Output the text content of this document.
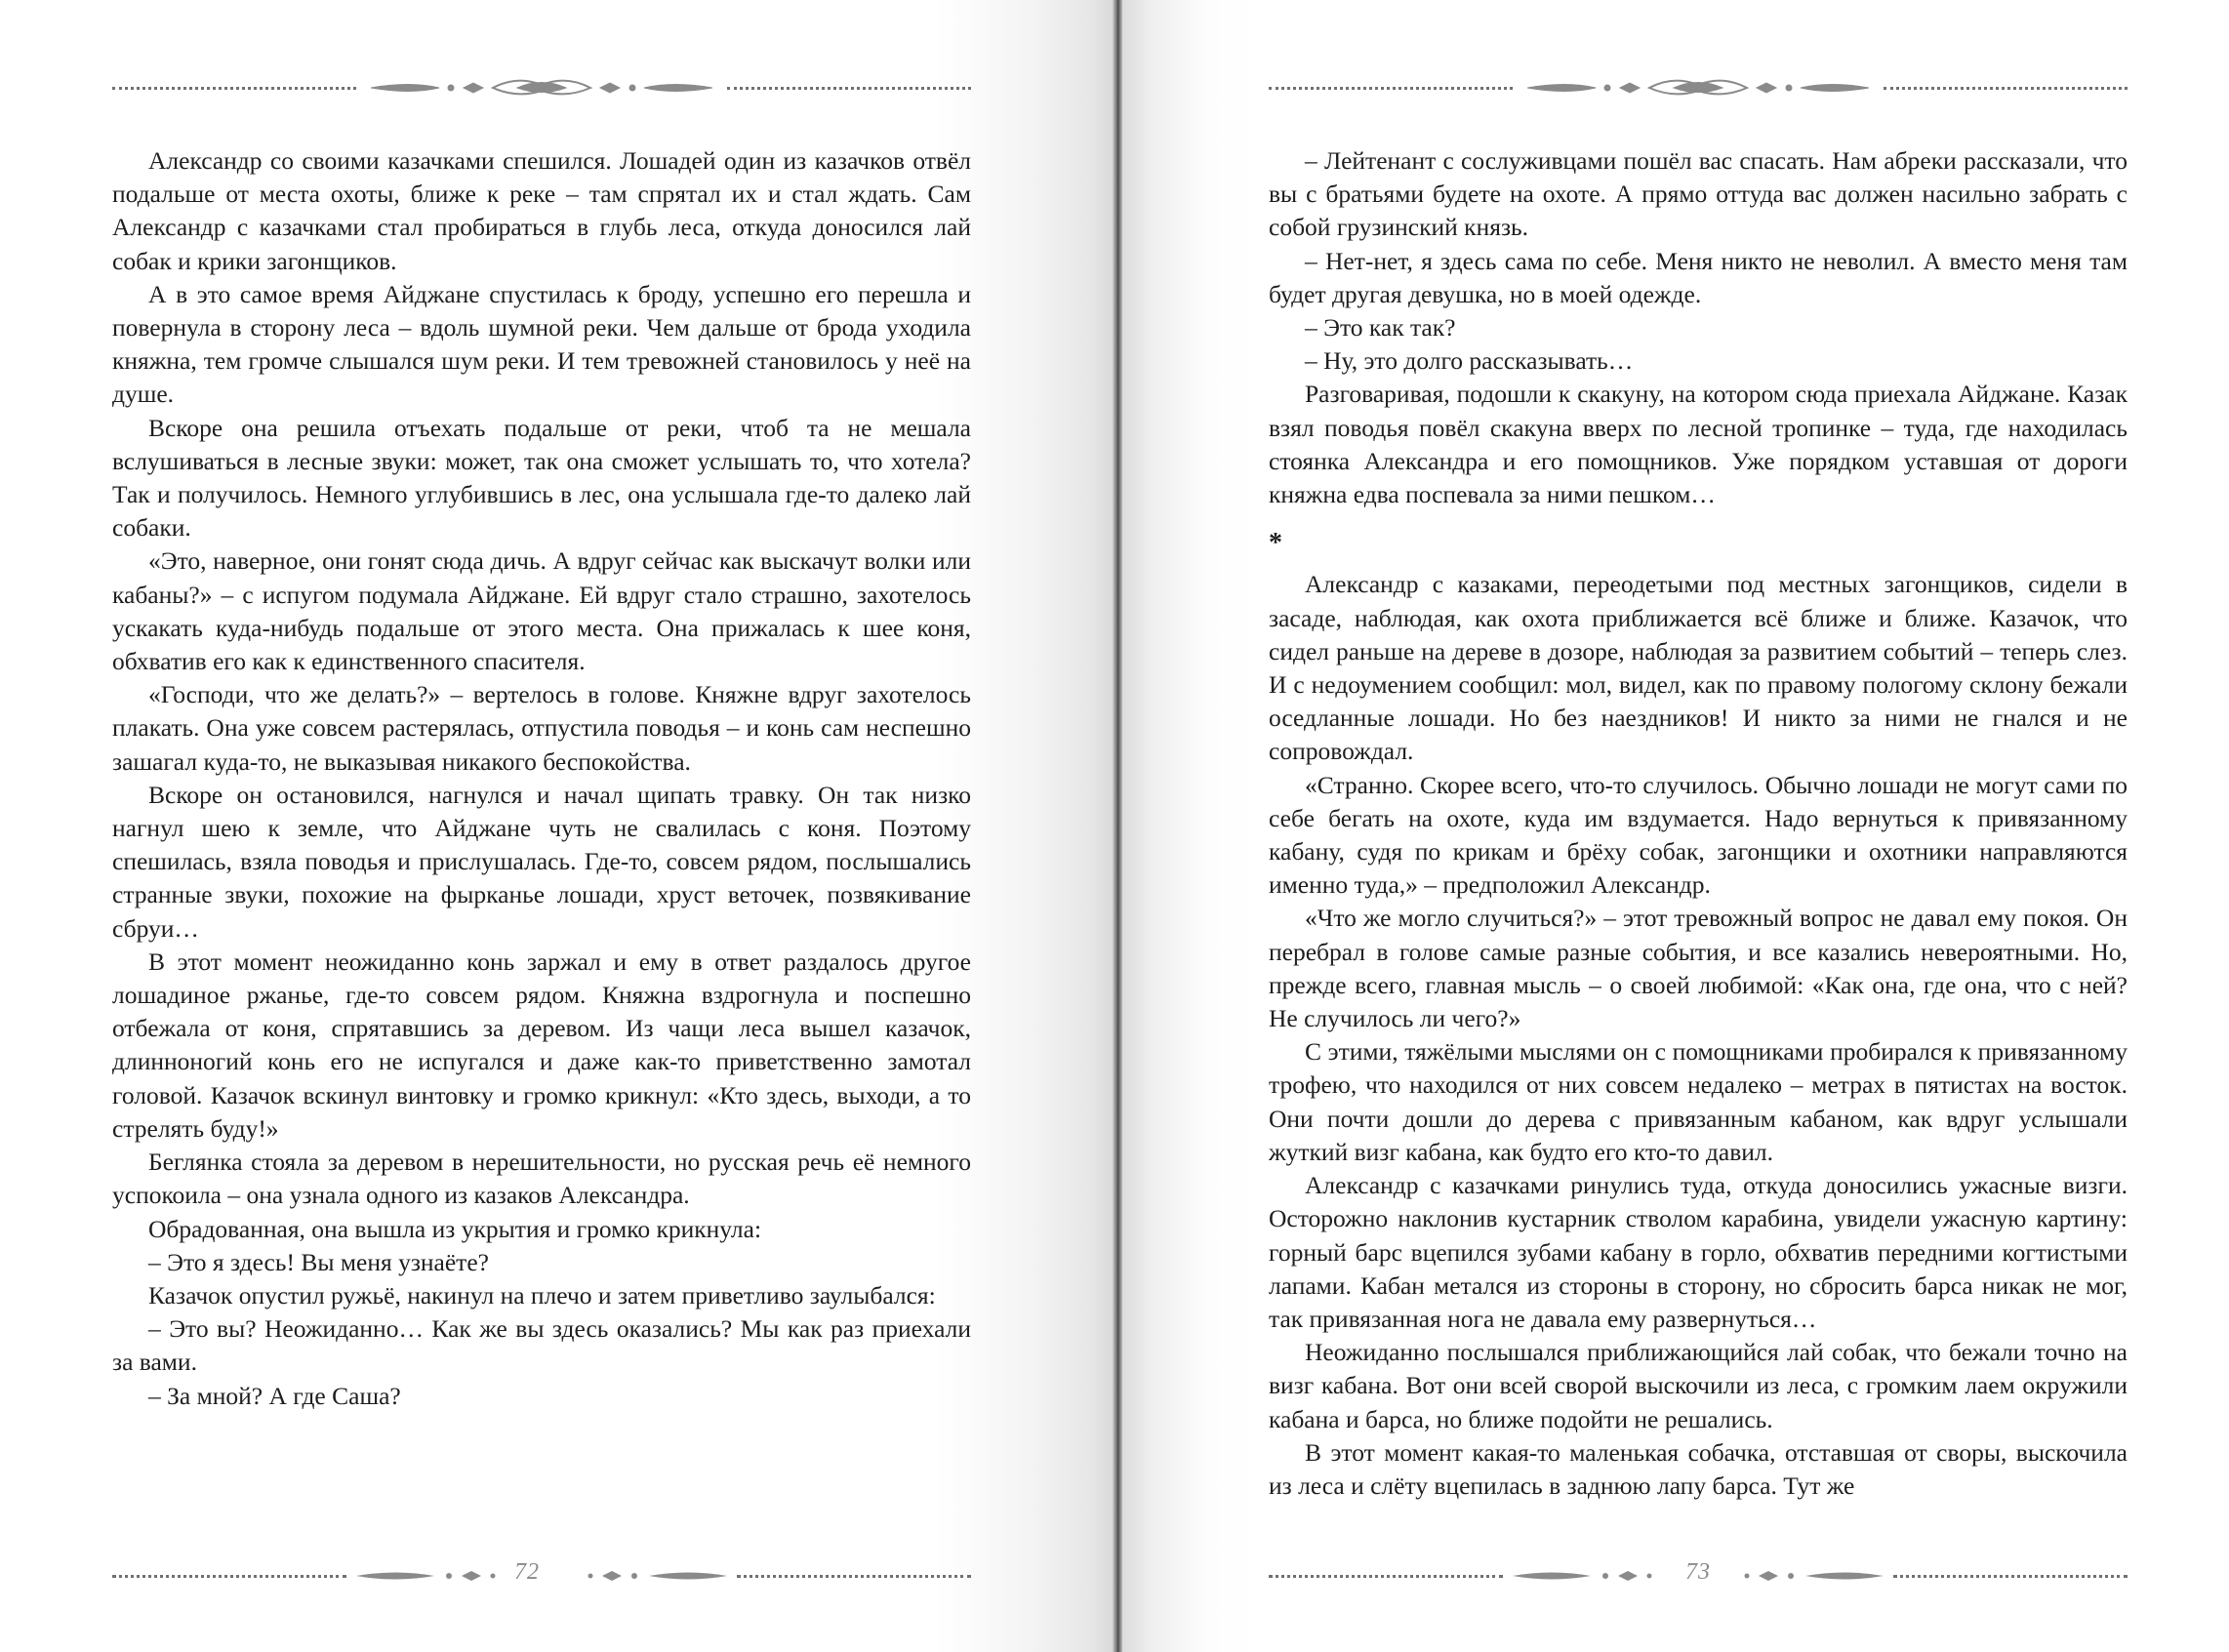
Александр со своими казачками спешился. Лошадей один из казачков отвёл подальше от места охоты, ближе к реке – там спрятал их и стал ждать. Сам Александр с казачками стал пробираться в глубь леса, откуда доносился лай собак и крики загонщиков.

А в это самое время Айджане спустилась к броду, успешно его перешла и повернула в сторону леса – вдоль шумной реки. Чем дальше от брода уходила княжна, тем громче слышался шум реки. И тем тревожней становилось у неё на душе.

Вскоре она решила отъехать подальше от реки, чтоб та не мешала вслушиваться в лесные звуки: может, так она сможет услышать то, что хотела? Так и получилось. Немного углубившись в лес, она услышала где-то далеко лай собаки.

«Это, наверное, они гонят сюда дичь. А вдруг сейчас как выскачут волки или кабаны?» – с испугом подумала Айджане. Ей вдруг стало страшно, захотелось ускакать куда-нибудь подальше от этого места. Она прижалась к шее коня, обхватив его как к единственного спасителя.

«Господи, что же делать?» – вертелось в голове. Княжне вдруг захотелось плакать. Она уже совсем растерялась, отпустила поводья – и конь сам неспешно зашагал куда-то, не выказывая никакого беспокойства.

Вскоре он остановился, нагнулся и начал щипать травку. Он так низко нагнул шею к земле, что Айджане чуть не свалилась с коня. Поэтому спешилась, взяла поводья и прислушалась. Где-то, совсем рядом, послышались странные звуки, похожие на фырканье лошади, хруст веточек, позвякивание сбруи…

В этот момент неожиданно конь заржал и ему в ответ раздалось другое лошадиное ржанье, где-то совсем рядом. Княжна вздрогнула и поспешно отбежала от коня, спрятавшись за деревом. Из чащи леса вышел казачок, длинноногий конь его не испугался и даже как-то приветственно замотал головой. Казачок вскинул винтовку и громко крикнул: «Кто здесь, выходи, а то стрелять буду!»

Беглянка стояла за деревом в нерешительности, но русская речь её немного успокоила – она узнала одного из казаков Александра.

Обрадованная, она вышла из укрытия и громко крикнула:

– Это я здесь! Вы меня узнаёте?

Казачок опустил ружьё, накинул на плечо и затем приветливо заулыбался:

– Это вы? Неожиданно… Как же вы здесь оказались? Мы как раз приехали за вами.

– За мной? А где Саша?

72

– Лейтенант с сослуживцами пошёл вас спасать. Нам абреки рассказали, что вы с братьями будете на охоте. А прямо оттуда вас должен насильно забрать с собой грузинский князь.

– Нет-нет, я здесь сама по себе. Меня никто не неволил. А вместо меня там будет другая девушка, но в моей одежде.

– Это как так?

– Ну, это долго рассказывать…

Разговаривая, подошли к скакуну, на котором сюда приехала Айджане. Казак взял поводья повёл скакуна вверх по лесной тропинке – туда, где находилась стоянка Александра и его помощников. Уже порядком уставшая от дороги княжна едва поспевала за ними пешком…

*

Александр с казаками, переодетыми под местных загонщиков, сидели в засаде, наблюдая, как охота приближается всё ближе и ближе. Казачок, что сидел раньше на дереве в дозоре, наблюдая за развитием событий – теперь слез. И с недоумением сообщил: мол, видел, как по правому пологому склону бежали оседланные лошади. Но без наездников! И никто за ними не гнался и не сопровождал.

«Странно. Скорее всего, что-то случилось. Обычно лошади не могут сами по себе бегать на охоте, куда им вздумается. Надо вернуться к привязанному кабану, судя по крикам и брёху собак, загонщики и охотники направляются именно туда,» – предположил Александр.

«Что же могло случиться?» – этот тревожный вопрос не давал ему покоя. Он перебрал в голове самые разные события, и все казались невероятными. Но, прежде всего, главная мысль – о своей любимой: «Как она, где она, что с ней? Не случилось ли чего?»

С этими, тяжёлыми мыслями он с помощниками пробирался к привязанному трофею, что находился от них совсем недалеко – метрах в пятистах на восток. Они почти дошли до дерева с привязанным кабаном, как вдруг услышали жуткий визг кабана, как будто его кто-то давил.

Александр с казачками ринулись туда, откуда доносились ужасные визги. Осторожно наклонив кустарник стволом карабина, увидели ужасную картину: горный барс вцепился зубами кабану в горло, обхватив передними когтистыми лапами. Кабан метался из стороны в сторону, но сбросить барса никак не мог, так привязанная нога не давала ему развернуться…

Неожиданно послышался приближающийся лай собак, что бежали точно на визг кабана. Вот они всей сворой выскочили из леса, с громким лаем окружили кабана и барса, но ближе подойти не решались.

В этот момент какая-то маленькая собачка, отставшая от своры, выскочила из леса и слёту вцепилась в заднюю лапу барса. Тут же

73
